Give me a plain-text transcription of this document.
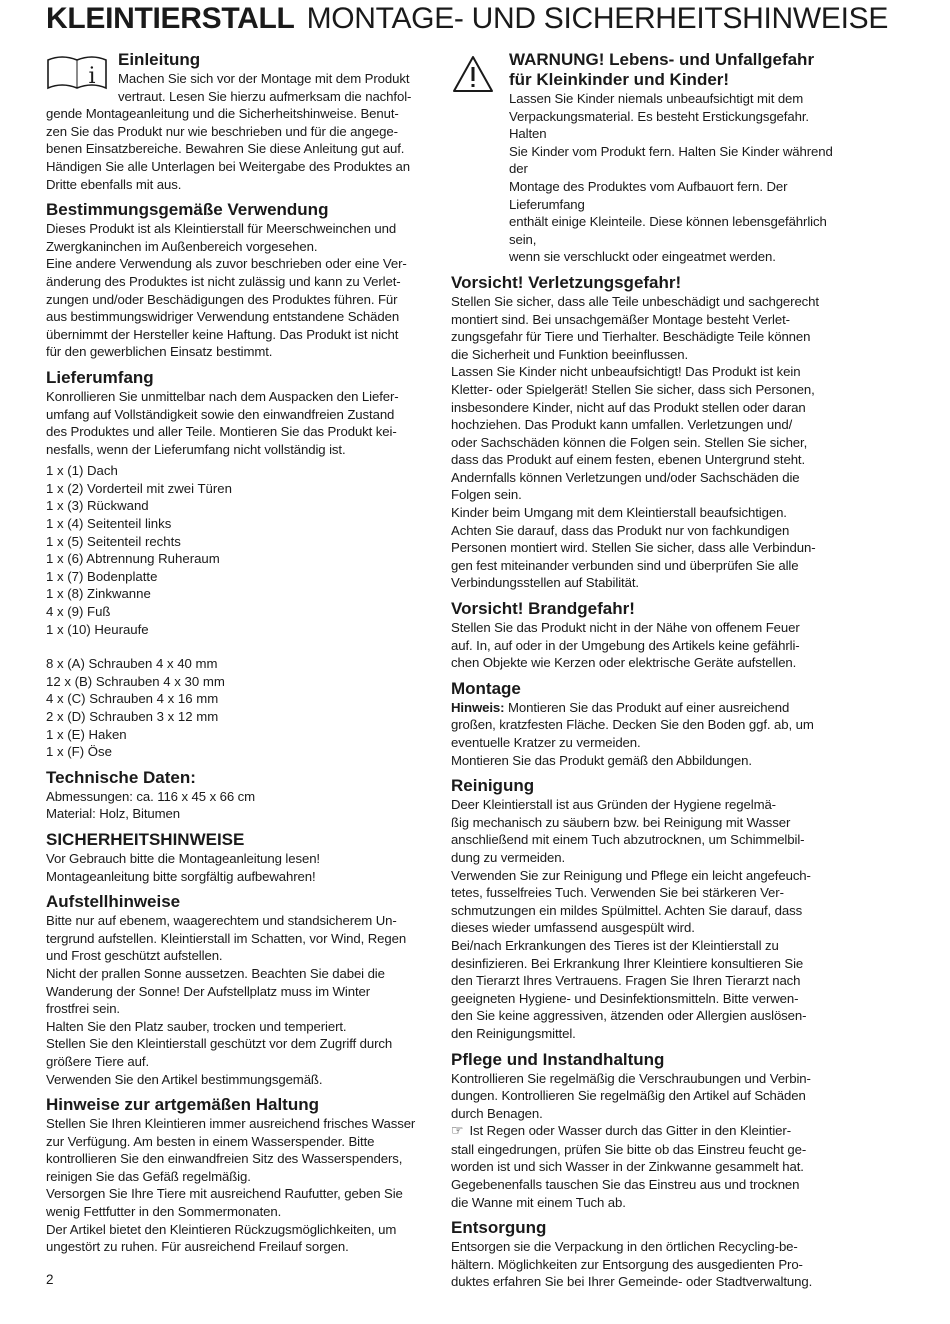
KLEINTIERSTALL MONTAGE- UND SICHERHEITSHINWEISE
i
Einleitung

Machen Sie sich vor der Montage mit dem Produkt
vertraut. Lesen Sie hierzu aufmerksam die nachfol-

gende Montageanleitung und die Sicherheitshinweise. Benut-
zen Sie das Produkt nur wie beschrieben und für die angege-
benen Einsatzbereiche. Bewahren Sie diese Anleitung gut auf.
Händigen Sie alle Unterlagen bei Weitergabe des Produktes an
Dritte ebenfalls mit aus.

Bestimmungsgemäße Verwendung

Dieses Produkt ist als Kleintierstall für Meerschweinchen und
Zwergkaninchen im Außenbereich vorgesehen.
Eine andere Verwendung als zuvor beschrieben oder eine Ver-
änderung des Produktes ist nicht zulässig und kann zu Verlet-
zungen und/oder Beschädigungen des Produktes führen. Für
aus bestimmungswidriger Verwendung entstandene Schäden
übernimmt der Hersteller keine Haftung. Das Produkt ist nicht
für den gewerblichen Einsatz bestimmt.

Lieferumfang

Konrollieren Sie unmittelbar nach dem Auspacken den Liefer-
umfang auf Vollständigkeit sowie den einwandfreien Zustand
des Produktes und aller Teile. Montieren Sie das Produkt kei-
nesfalls, wenn der Lieferumfang nicht vollständig ist.

1 x (1) Dach
1 x (2) Vorderteil mit zwei Türen
1 x (3) Rückwand
1 x (4) Seitenteil links
1 x (5) Seitenteil rechts
1 x (6) Abtrennung Ruheraum
1 x (7) Bodenplatte
1 x (8) Zinkwanne
4 x (9) Fuß
1 x (10) Heuraufe
8 x (A) Schrauben 4 x 40 mm
12 x (B) Schrauben 4 x 30 mm
4 x (C) Schrauben 4 x 16 mm
2 x (D) Schrauben 3 x 12 mm
1 x (E) Haken
1 x (F) Öse
Technische Daten:

Abmessungen: ca. 116 x 45 x 66 cm
Material: Holz, Bitumen

SICHERHEITSHINWEISE

Vor Gebrauch bitte die Montageanleitung lesen!
Montageanleitung bitte sorgfältig aufbewahren!

Aufstellhinweise

Bitte nur auf ebenem, waagerechtem und standsicherem Un-
tergrund aufstellen. Kleintierstall im Schatten, vor Wind, Regen
und Frost geschützt aufstellen.
Nicht der prallen Sonne aussetzen. Beachten Sie dabei die
Wanderung der Sonne! Der Aufstellplatz muss im Winter
frostfrei sein.
Halten Sie den Platz sauber, trocken und temperiert.
Stellen Sie den Kleintierstall geschützt vor dem Zugriff durch
größere Tiere auf.
Verwenden Sie den Artikel bestimmungsgemäß.

Hinweise zur artgemäßen Haltung

Stellen Sie Ihren Kleintieren immer ausreichend frisches Wasser
zur Verfügung. Am besten in einem Wasserspender. Bitte
kontrollieren Sie den einwandfreien Sitz des Wasserspenders,
reinigen Sie das Gefäß regelmäßig.
Versorgen Sie Ihre Tiere mit ausreichend Raufutter, geben Sie
wenig Fettfutter in den Sommermonaten.
Der Artikel bietet den Kleintieren Rückzugsmöglichkeiten, um
ungestört zu ruhen. Für ausreichend Freilauf sorgen.

WARNUNG! Lebens- und Unfallgefahr
für Kleinkinder und Kinder!

Lassen Sie Kinder niemals unbeaufsichtigt mit dem
Verpackungsmaterial. Es besteht Erstickungsgefahr. Halten
Sie Kinder vom Produkt fern. Halten Sie Kinder während der
Montage des Produktes vom Aufbauort fern. Der Lieferumfang
enthält einige Kleinteile. Diese können lebensgefährlich sein,
wenn sie verschluckt oder eingeatmet werden.

Vorsicht! Verletzungsgefahr!

Stellen Sie sicher, dass alle Teile unbeschädigt und sachgerecht
montiert sind. Bei unsachgemäßer Montage besteht Verlet-
zungsgefahr für Tiere und Tierhalter. Beschädigte Teile können
die Sicherheit und Funktion beeinflussen.
Lassen Sie Kinder nicht unbeaufsichtigt! Das Produkt ist kein
Kletter- oder Spielgerät! Stellen Sie sicher, dass sich Personen,
insbesondere Kinder, nicht auf das Produkt stellen oder daran
hochziehen. Das Produkt kann umfallen. Verletzungen und/
oder Sachschäden können die Folgen sein. Stellen Sie sicher,
dass das Produkt auf einem festen, ebenen Untergrund steht.
Andernfalls können Verletzungen und/oder Sachschäden die
Folgen sein.
Kinder beim Umgang mit dem Kleintierstall beaufsichtigen.
Achten Sie darauf, dass das Produkt nur von fachkundigen
Personen montiert wird. Stellen Sie sicher, dass alle Verbindun-
gen fest miteinander verbunden sind und überprüfen Sie alle
Verbindungsstellen auf Stabilität.

Vorsicht! Brandgefahr!

Stellen Sie das Produkt nicht in der Nähe von offenem Feuer
auf. In, auf oder in der Umgebung des Artikels keine gefährli-
chen Objekte wie Kerzen oder elektrische Geräte aufstellen.

Montage

Hinweis: Montieren Sie das Produkt auf einer ausreichend
großen, kratzfesten Fläche. Decken Sie den Boden ggf. ab, um
eventuelle Kratzer zu vermeiden.
Montieren Sie das Produkt gemäß den Abbildungen.

Reinigung

Deer Kleintierstall ist aus Gründen der Hygiene regelmä-
ßig mechanisch zu säubern bzw. bei Reinigung mit Wasser
anschließend mit einem Tuch abzutrocknen, um Schimmelbil-
dung zu vermeiden.
Verwenden Sie zur Reinigung und Pflege ein leicht angefeuch-
tetes, fusselfreies Tuch. Verwenden Sie bei stärkeren Ver-
schmutzungen ein mildes Spülmittel. Achten Sie darauf, dass
dieses wieder umfassend ausgespült wird.
Bei/nach Erkrankungen des Tieres ist der Kleintierstall zu
desinfizieren. Bei Erkrankung Ihrer Kleintiere konsultieren Sie
den Tierarzt Ihres Vertrauens. Fragen Sie Ihren Tierarzt nach
geeigneten Hygiene- und Desinfektionsmitteln. Bitte verwen-
den Sie keine aggressiven, ätzenden oder Allergien auslösen-
den Reinigungsmittel.

Pflege und Instandhaltung

Kontrollieren Sie regelmäßig die Verschraubungen und Verbin-
dungen. Kontrollieren Sie regelmäßig den Artikel auf Schäden
durch Benagen.

☞ Ist Regen oder Wasser durch das Gitter in den Kleintier-
stall eingedrungen, prüfen Sie bitte ob das Einstreu feucht ge-
worden ist und sich Wasser in der Zinkwanne gesammelt hat.
Gegebenenfalls tauschen Sie das Einstreu aus und trocknen
die Wanne mit einem Tuch ab.

Entsorgung

Entsorgen sie die Verpackung in den örtlichen Recycling-be-
hältern. Möglichkeiten zur Entsorgung des ausgedienten Pro-
duktes erfahren Sie bei Ihrer Gemeinde- oder Stadtverwaltung.

2
